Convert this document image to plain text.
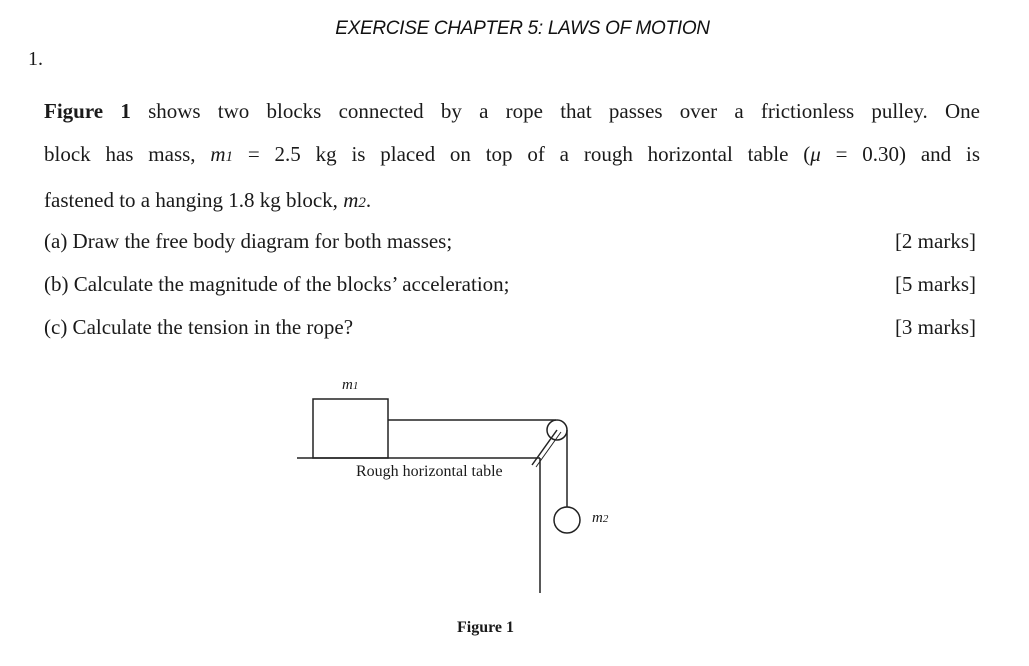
EXERCISE CHAPTER 5: LAWS OF MOTION
1.
Figure 1 shows two blocks connected by a rope that passes over a frictionless pulley. One
block has mass, m1 = 2.5 kg is placed on top of a rough horizontal table (μ = 0.30) and is
fastened to a hanging 1.8 kg block, m2.
(a) Draw the free body diagram for both masses;	[2 marks]
(b) Calculate the magnitude of the blocks’ acceleration;	[5 marks]
(c) Calculate the tension in the rope?	[3 marks]
m1
Rough horizontal table
m2
Figure 1
